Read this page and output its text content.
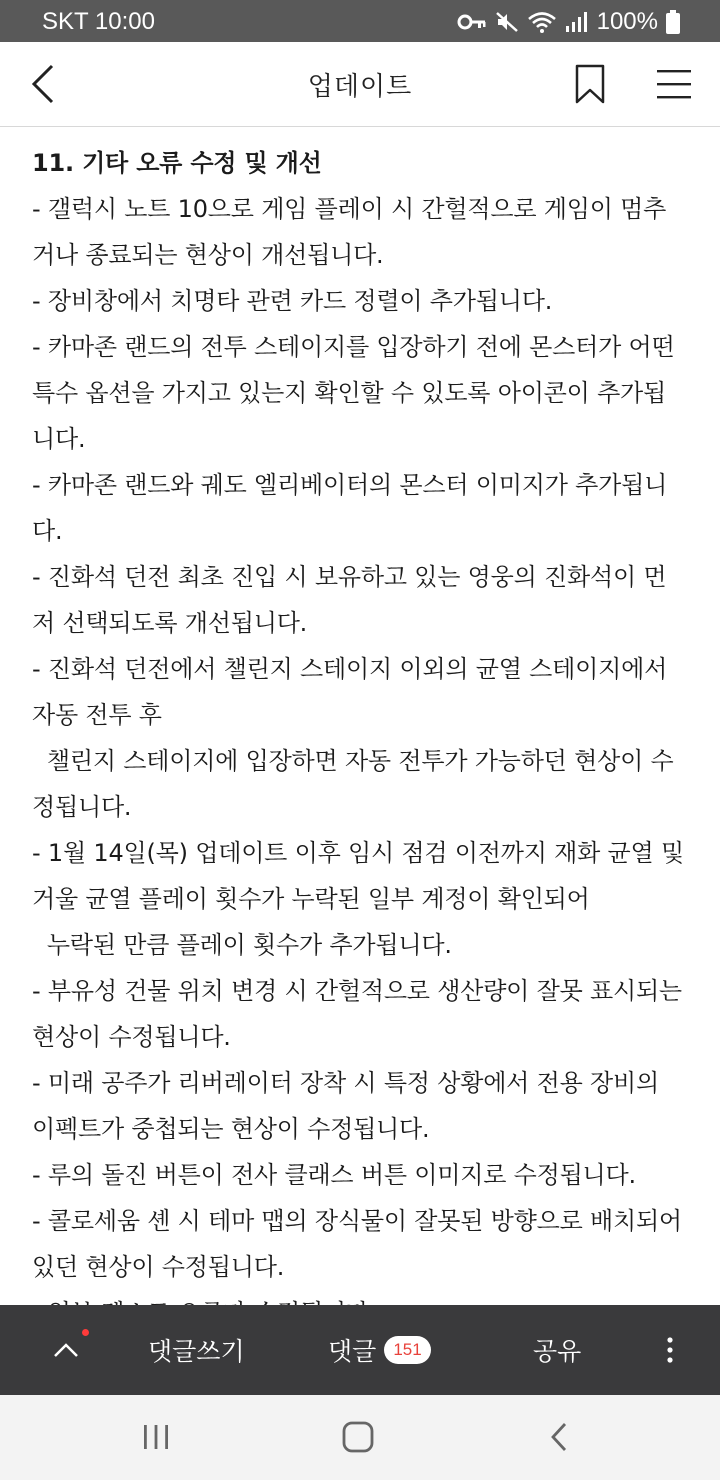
SKT 10:00	100%
업데이트

11. 기타 오류 수정 및 개선

- 갤럭시 노트 10으로 게임 플레이 시 간헐적으로 게임이 멈추거나 종료되는 현상이 개선됩니다.

- 장비창에서 치명타 관련 카드 정렬이 추가됩니다.

- 카마존 랜드의 전투 스테이지를 입장하기 전에 몬스터가 어떤 특수 옵션을 가지고 있는지 확인할 수 있도록 아이콘이 추가됩니다.

- 카마존 랜드와 궤도 엘리베이터의 몬스터 이미지가 추가됩니다.

- 진화석 던전 최초 진입 시 보유하고 있는 영웅의 진화석이 먼저 선택되도록 개선됩니다.

- 진화석 던전에서 챌린지 스테이지 이외의 균열 스테이지에서 자동 전투 후
챌린지 스테이지에 입장하면 자동 전투가 가능하던 현상이 수정됩니다.

- 1월 14일(목) 업데이트 이후 임시 점검 이전까지 재화 균열 및 거울 균열 플레이 횟수가 누락된 일부 계정이 확인되어
누락된 만큼 플레이 횟수가 추가됩니다.

- 부유성 건물 위치 변경 시 간헐적으로 생산량이 잘못 표시되는 현상이 수정됩니다.

- 미래 공주가 리버레이터 장착 시 특정 상황에서 전용 장비의 이펙트가 중첩되는 현상이 수정됩니다.

- 루의 돌진 버튼이 전사 클래스 버튼 이미지로 수정됩니다.

- 콜로세움 셴 시 테마 맵의 장식물이 잘못된 방향으로 배치되어 있던 현상이 수정됩니다.

댓글쓰기	댓글	151	공유
